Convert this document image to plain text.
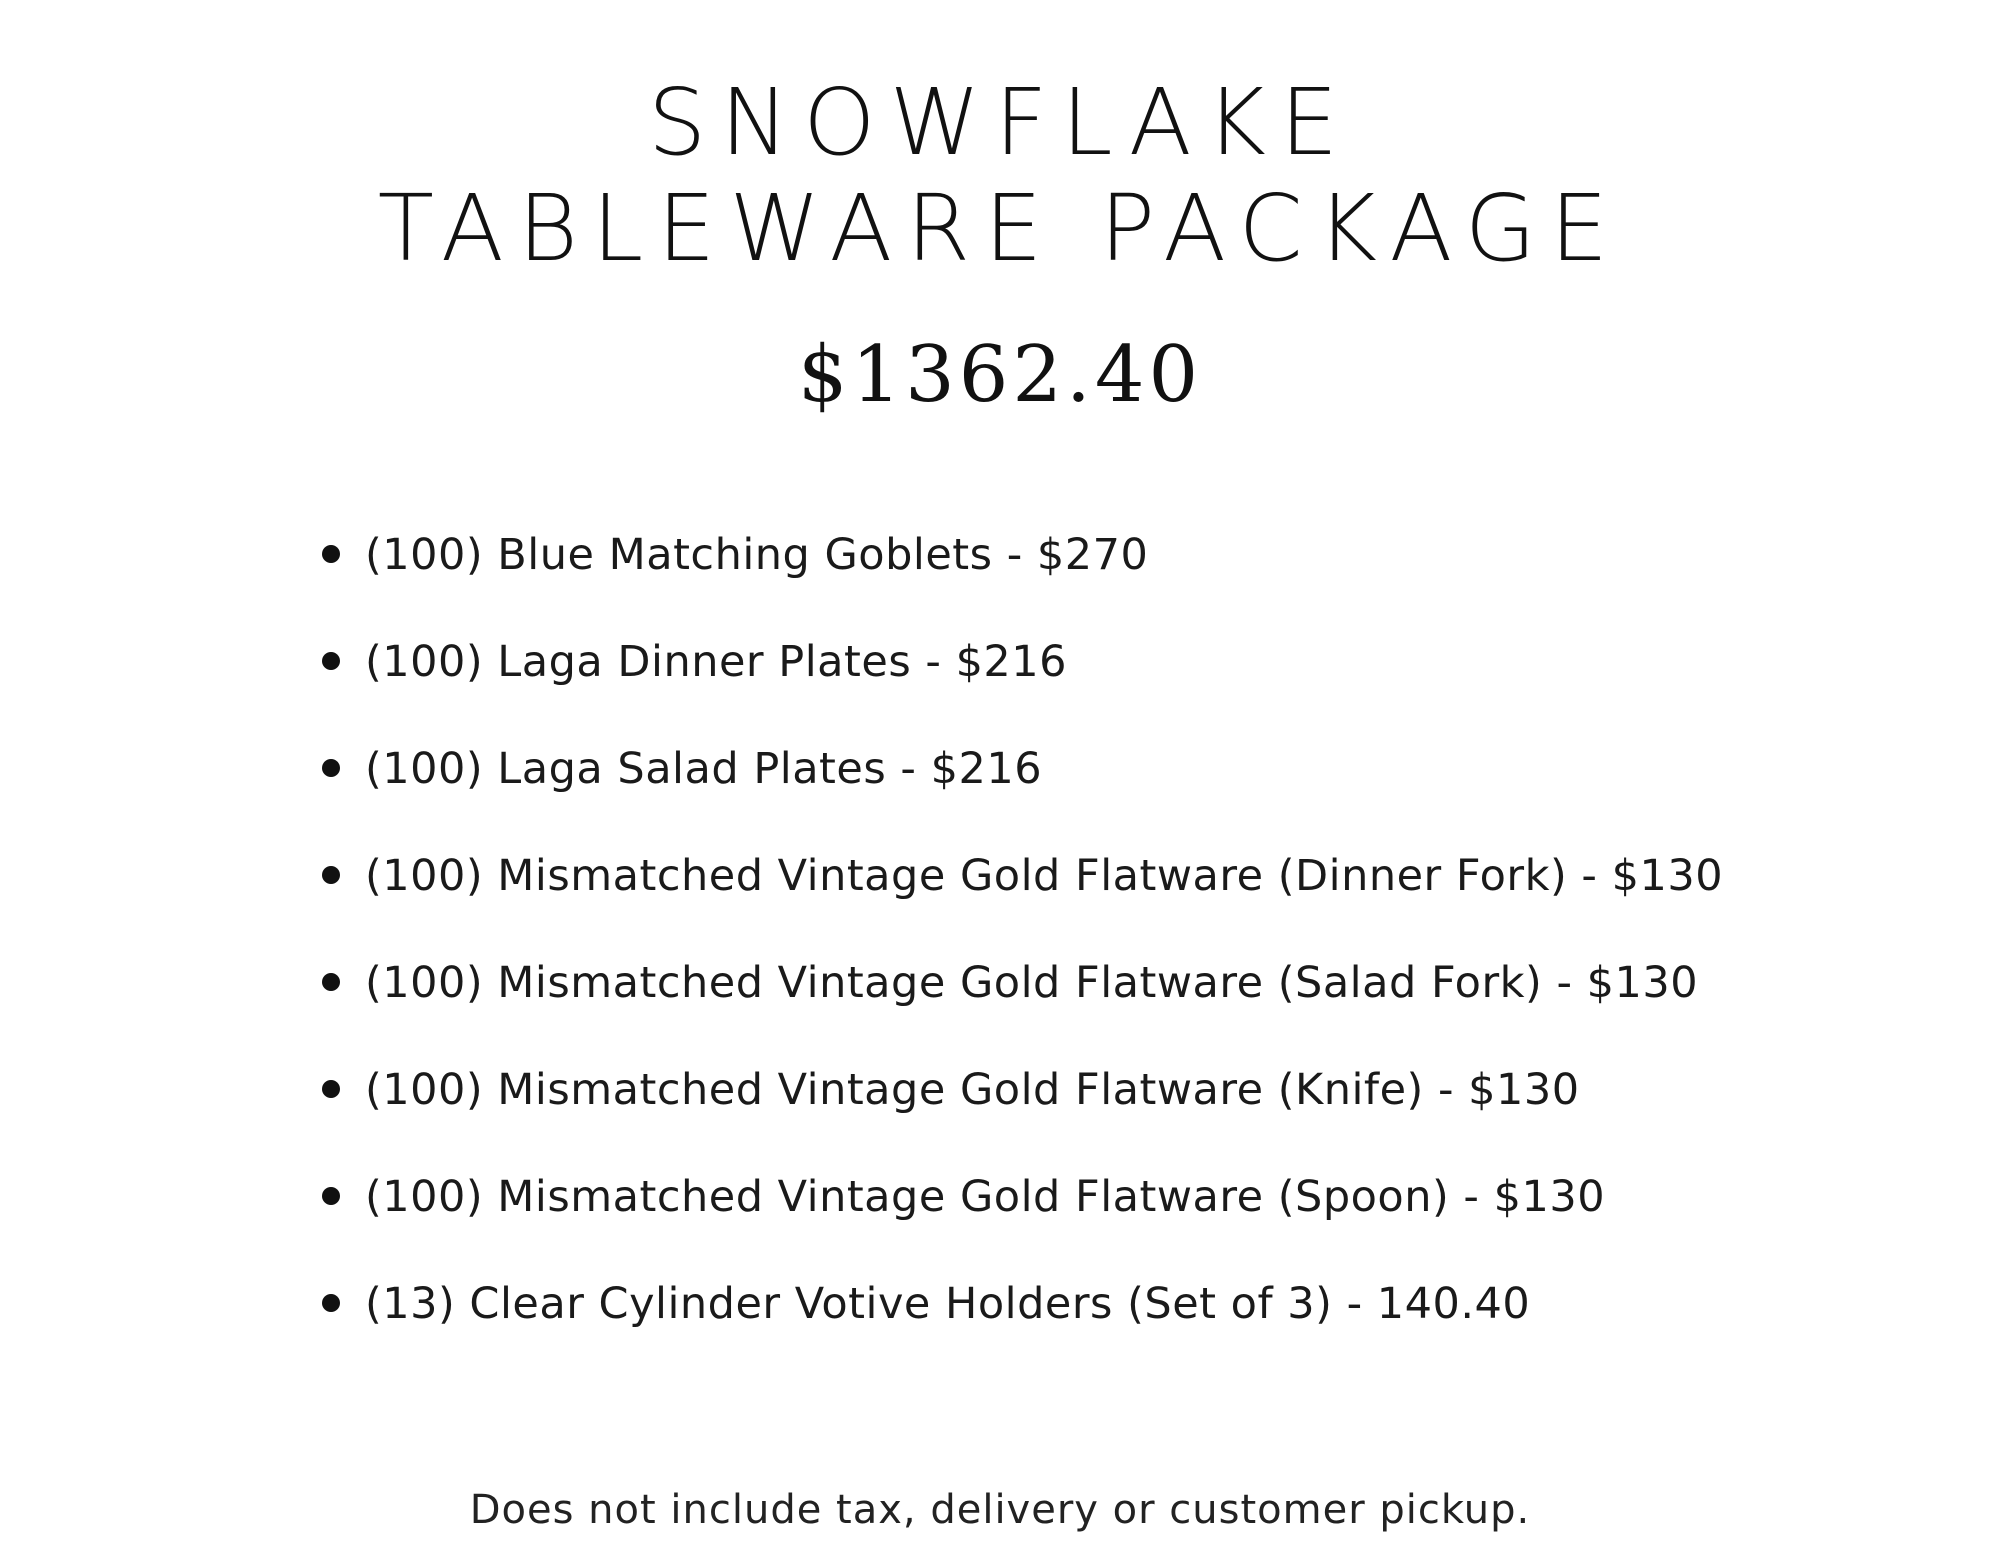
SNOWFLAKE
TABLEWARE PACKAGE
$1362.40
(100) Blue Matching Goblets - $270
(100) Laga Dinner Plates - $216
(100) Laga Salad Plates - $216
(100) Mismatched Vintage Gold Flatware (Dinner Fork) - $130
(100) Mismatched Vintage Gold Flatware (Salad Fork) - $130
(100) Mismatched Vintage Gold Flatware (Knife) - $130
(100) Mismatched Vintage Gold Flatware (Spoon) - $130
(13) Clear Cylinder Votive Holders (Set of 3) - 140.40
Does not include tax, delivery or customer pickup.
